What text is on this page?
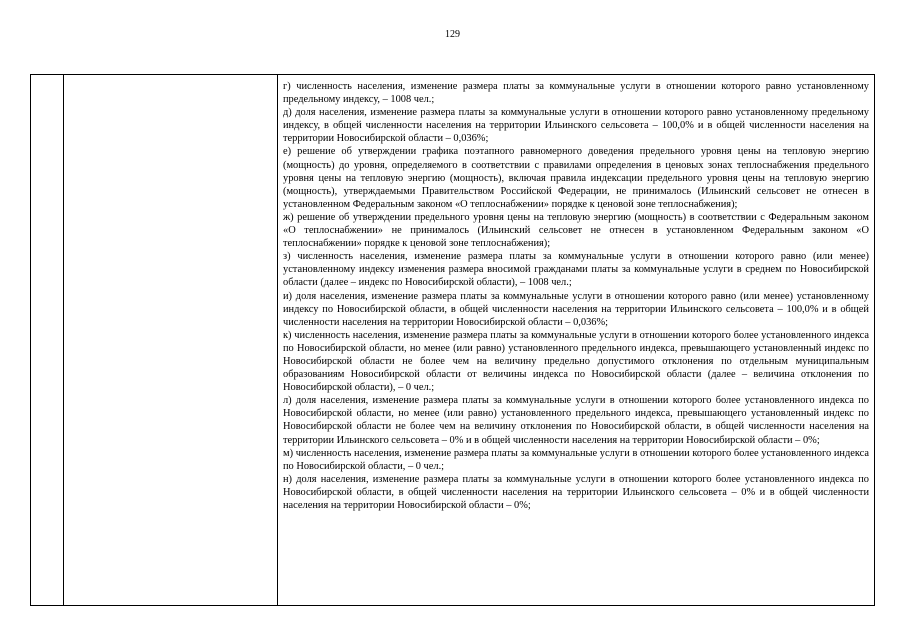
129

г) численность населения, изменение размера платы за коммунальные услуги в отношении которого равно установленному предельному индексу, – 1008 чел.;

д) доля населения, изменение размера платы за коммунальные услуги в отношении которого равно установленному предельному индексу, в общей численности населения на территории Ильинского сельсовета – 100,0% и в общей численности населения на территории Новосибирской области – 0,036%;

е) решение об утверждении графика поэтапного равномерного доведения предельного уровня цены на тепловую энергию (мощность) до уровня, определяемого в соответствии с правилами определения в ценовых зонах теплоснабжения предельного уровня цены на тепловую энергию (мощность), включая правила индексации предельного уровня цены на тепловую энергию (мощность), утверждаемыми Правительством Российской Федерации, не принималось (Ильинский сельсовет не отнесен в установленном Федеральным законом «О теплоснабжении» порядке к ценовой зоне теплоснабжения);

ж) решение об утверждении предельного уровня цены на тепловую энергию (мощность) в соответствии с Федеральным законом «О теплоснабжении» не принималось (Ильинский сельсовет не отнесен в установленном Федеральным законом «О теплоснабжении» порядке к ценовой зоне теплоснабжения);

з) численность населения, изменение размера платы за коммунальные услуги в отношении которого равно (или менее) установленному индексу изменения размера вносимой гражданами платы за коммунальные услуги в среднем по Новосибирской области (далее – индекс по Новосибирской области), – 1008 чел.;

и) доля населения, изменение размера платы за коммунальные услуги в отношении которого равно (или менее) установленному индексу по Новосибирской области, в общей численности населения на территории Ильинского сельсовета – 100,0% и в общей численности населения на территории Новосибирской области – 0,036%;

к) численность населения, изменение размера платы за коммунальные услуги в отношении которого более установленного индекса по Новосибирской области, но менее (или равно) установленного предельного индекса, превышающего установленный индекс по Новосибирской области не более чем на величину предельно допустимого отклонения по отдельным муниципальным образованиям Новосибирской области от величины индекса по Новосибирской области (далее – величина отклонения по Новосибирской области), – 0 чел.;

л) доля населения, изменение размера платы за коммунальные услуги в отношении которого более установленного индекса по Новосибирской области, но менее (или равно) установленного предельного индекса, превышающего установленный индекс по Новосибирской области не более чем на величину отклонения по Новосибирской области, в общей численности населения на территории Ильинского сельсовета – 0% и в общей численности населения на территории Новосибирской области – 0%;

м) численность населения, изменение размера платы за коммунальные услуги в отношении которого более установленного индекса по Новосибирской области, – 0 чел.;

н) доля населения, изменение размера платы за коммунальные услуги в отношении которого более установленного индекса по Новосибирской области, в общей численности населения на территории Ильинского сельсовета – 0% и в общей численности населения на территории Новосибирской области – 0%;
